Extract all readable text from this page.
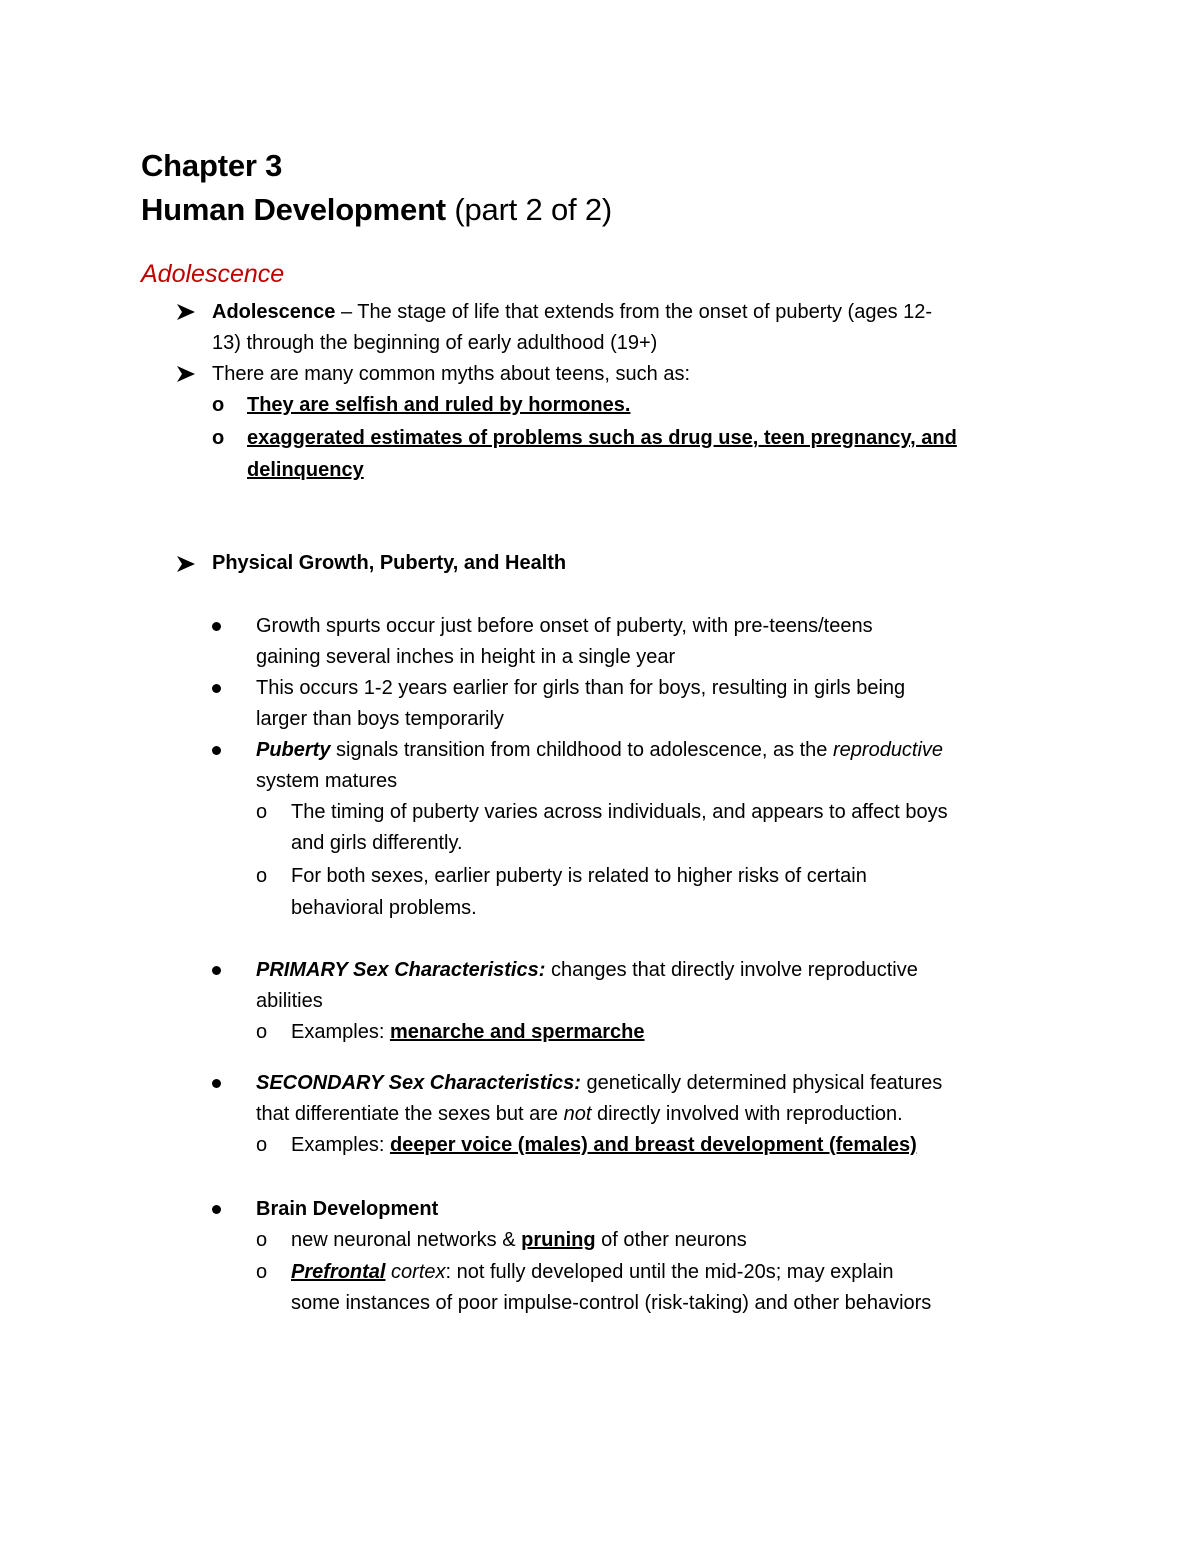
Chapter 3
Human Development (part 2 of 2)
Adolescence
Adolescence – The stage of life that extends from the onset of puberty (ages 12-
13) through the beginning of early adulthood (19+)
There are many common myths about teens, such as:
o They are selfish and ruled by hormones.
o exaggerated estimates of problems such as drug use, teen pregnancy, and
delinquency
Physical Growth, Puberty, and Health
Growth spurts occur just before onset of puberty, with pre-teens/teens
gaining several inches in height in a single year
This occurs 1-2 years earlier for girls than for boys, resulting in girls being
larger than boys temporarily
Puberty signals transition from childhood to adolescence, as the reproductive
system matures
o The timing of puberty varies across individuals, and appears to affect boys
and girls differently.
o For both sexes, earlier puberty is related to higher risks of certain
behavioral problems.
PRIMARY Sex Characteristics: changes that directly involve reproductive
abilities
o Examples: menarche and spermarche
SECONDARY Sex Characteristics: genetically determined physical features
that differentiate the sexes but are not directly involved with reproduction.
o Examples: deeper voice (males) and breast development (females)
Brain Development
o new neuronal networks & pruning of other neurons
o Prefrontal cortex: not fully developed until the mid-20s; may explain
some instances of poor impulse-control (risk-taking) and other behaviors
